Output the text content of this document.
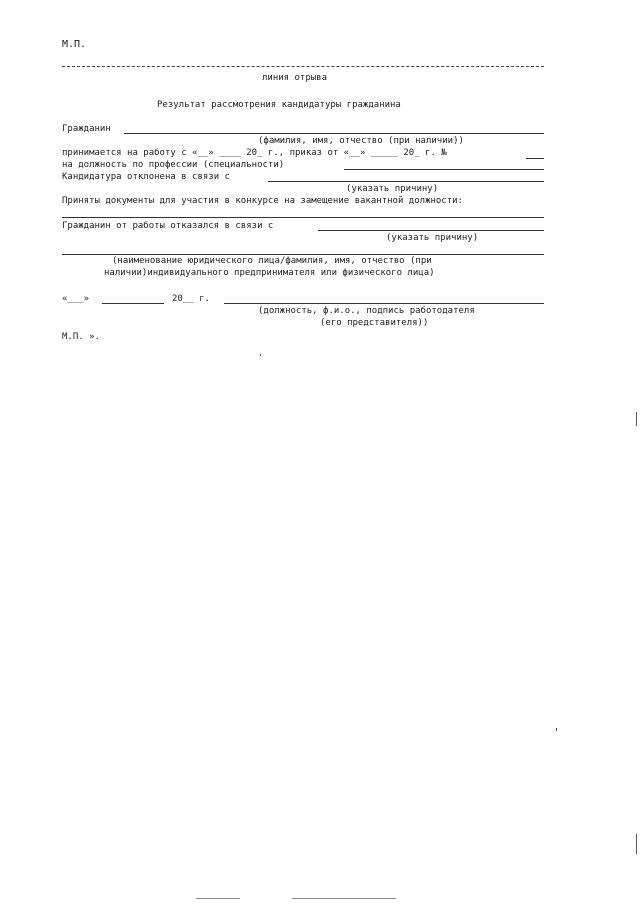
М.П.
линия отрыва
Результат рассмотрения кандидатуры гражданина
Гражданин
(фамилия, имя, отчество (при наличии))
принимается на работу с «__» ____ 20_ г., приказ от «__» _____ 20_ г. №
на должность по профессии (специальности)
Кандидатура отклонена в связи с
(указать причину)
Приняты документы для участия в конкурсе на замещение вакантной должности:
Гражданин от работы отказался в связи с
(указать причину)
(наименование юридического лица/фамилия, имя, отчество (при
наличии)индивидуального предпринимателя или физического лица)
«___»	20__ г.
(должность, ф.и.о., подпись работодателя
(его представителя))
М.П. ».
